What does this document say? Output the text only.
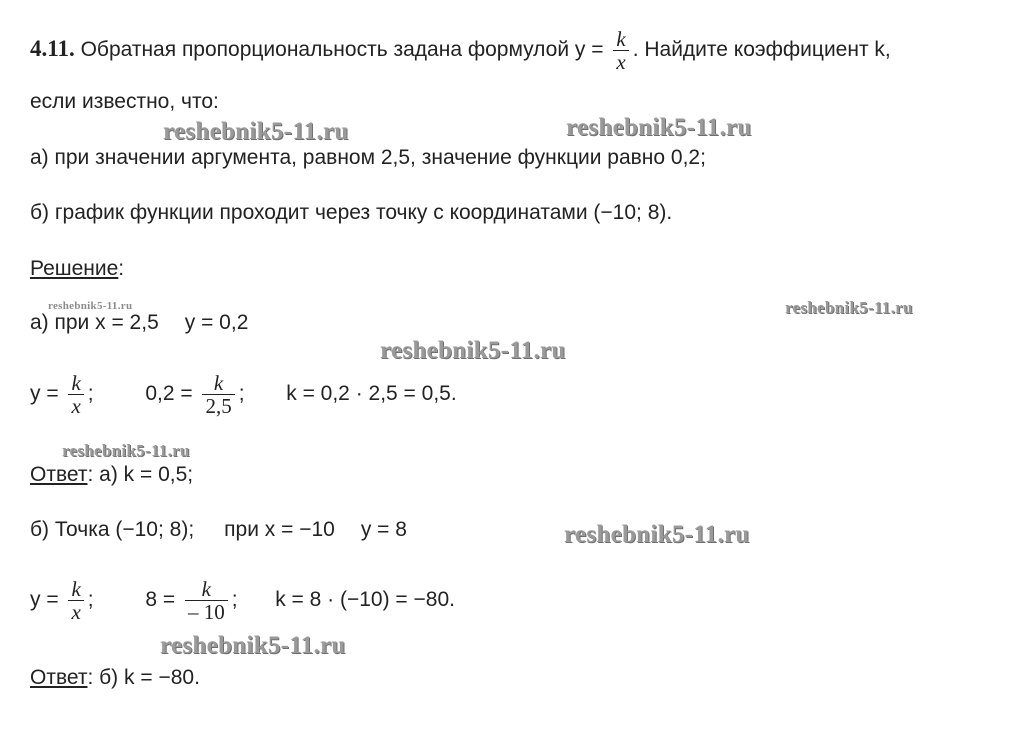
4.11. Обратная пропорциональность задана формулой $y = \frac{k}{x}$ . Найдите коэффициент k,
если известно, что:
а) при значении аргумента, равном 2,5, значение функции равно 0,2;
б) график функции проходит через точку с координатами (−10; 8).
Решение:
а) при x = 2,5 y = 0,2
$y = \frac{k}{x}$ ; $0,2 = \frac{k}{2,5}$ ; k = 0,2 · 2,5 = 0,5.
Ответ: а) k = 0,5;
б) Точка (−10; 8); при x = −10 y = 8
$y = \frac{k}{x}$ ; $8 = \frac{k}{- 10}$ ; k = 8 · (−10) = −80.
Ответ: б) k = −80.
reshebnik5-11.ru	reshebnik5-11.ru
reshebnik5-11.ru	reshebnik5-11.ru
reshebnik5-11.ru
reshebnik5-11.ru
reshebnik5-11.ru
reshebnik5-11.ru
